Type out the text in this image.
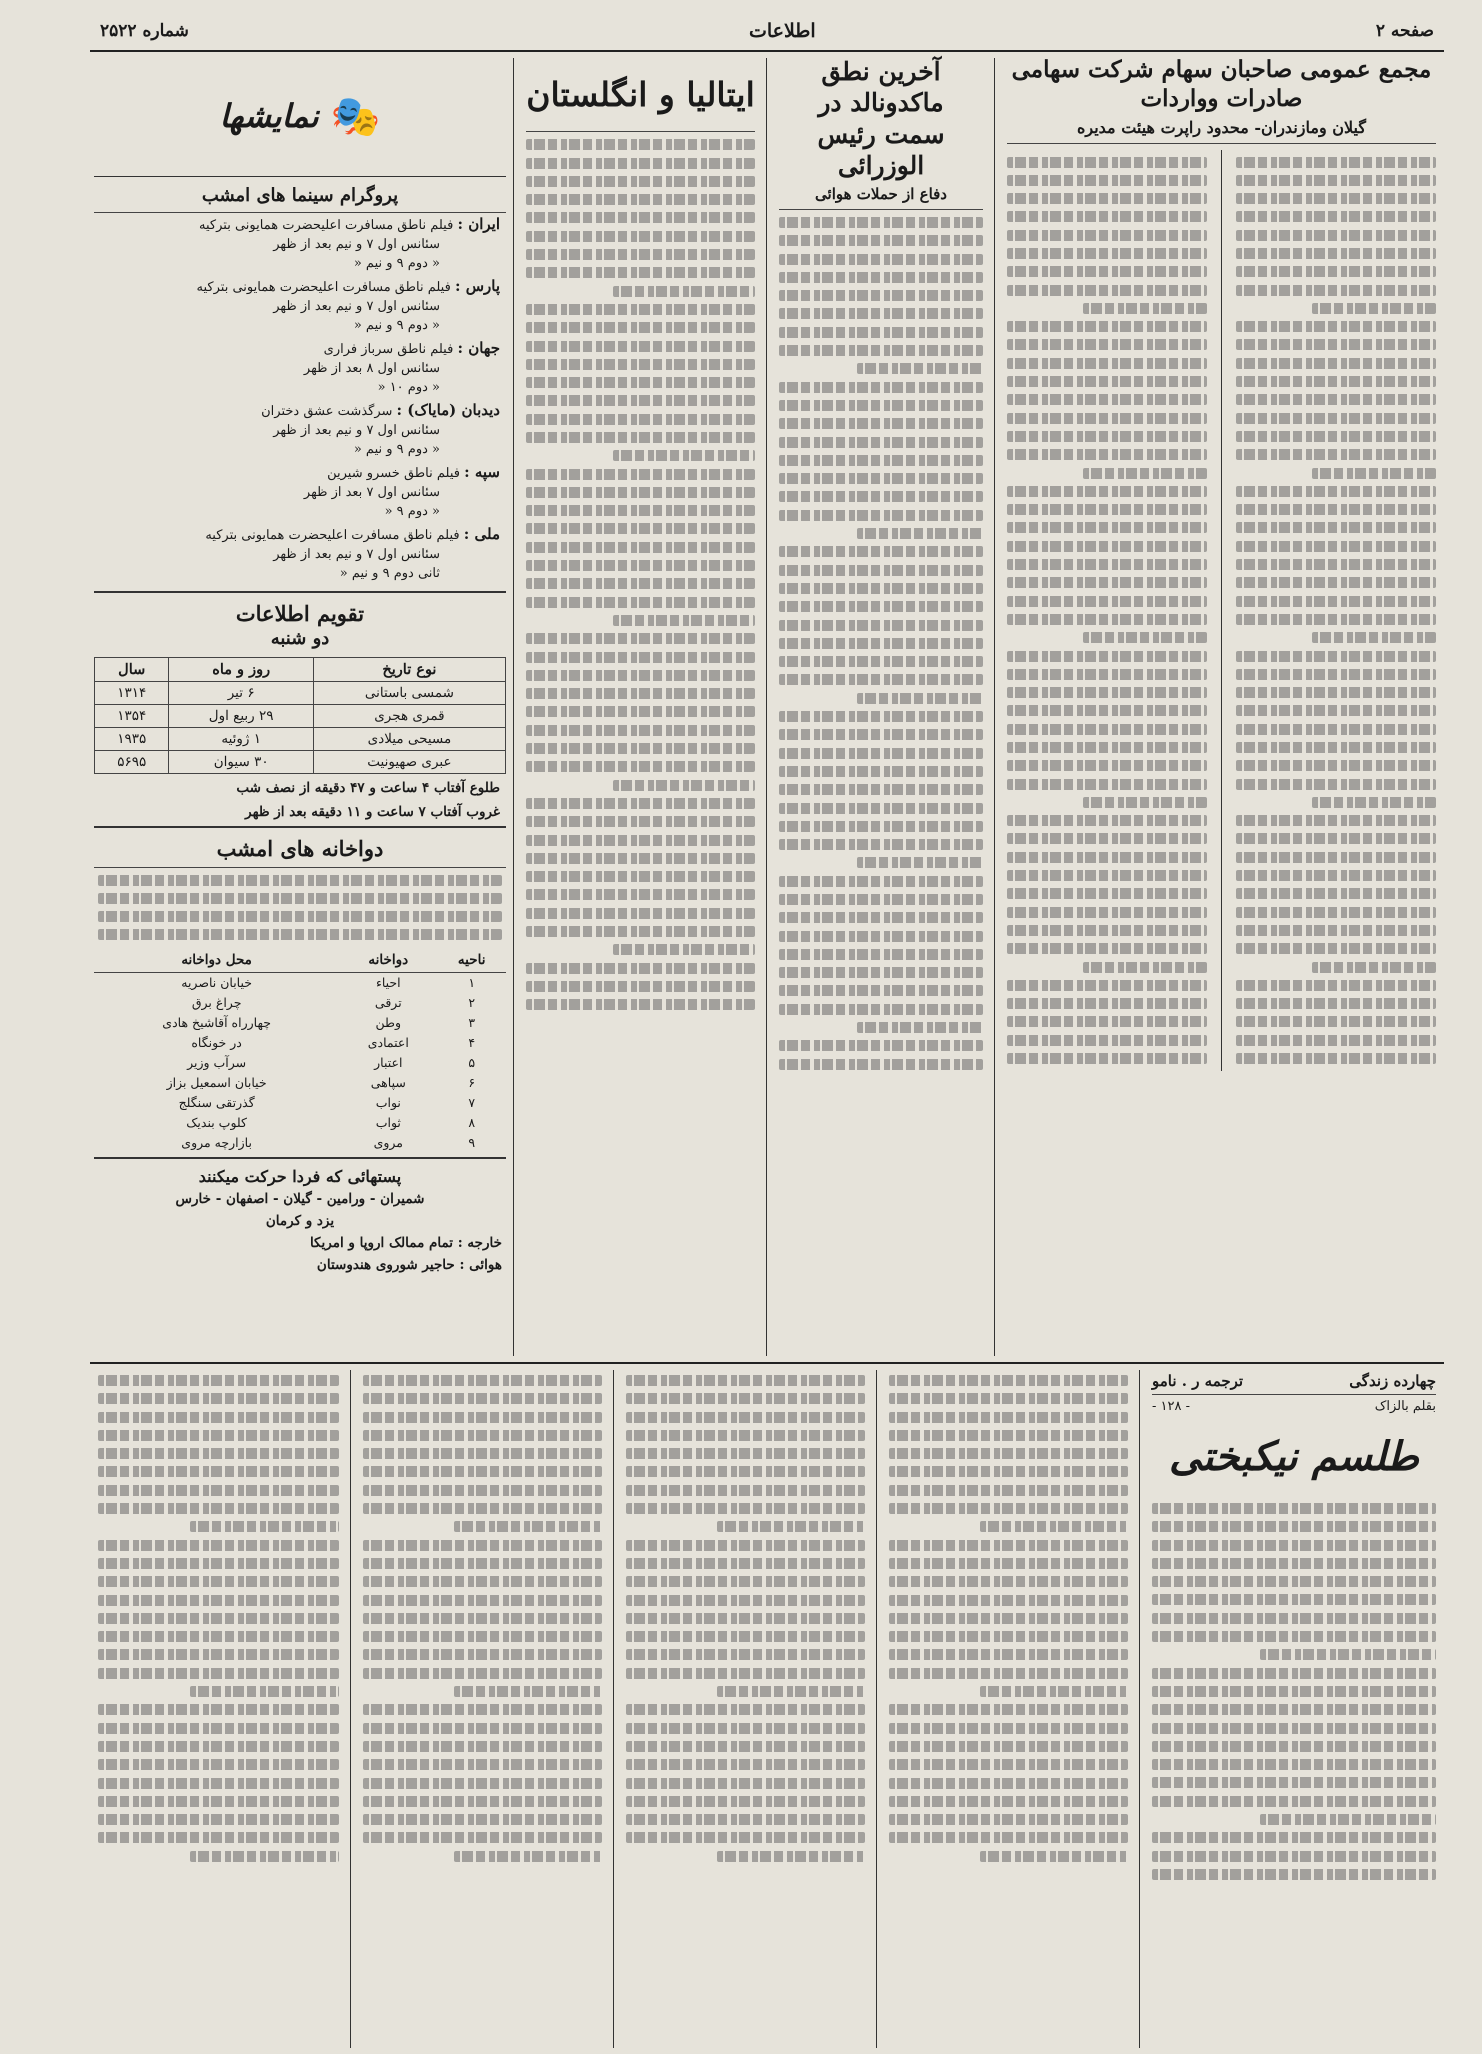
صفحه ۲
اطلاعات
شماره ۲۵۲۲
مجمع عمومی صاحبان سهام شرکت سهامی صادرات وواردات
گیلان ومازندران- محدود راپرت هیئت مدیره
آخرین نطق ماکدونالد در
سمت رئیس الوزرائی
دفاع از حملات هوائی
ایتالیا و انگلستان
🎭
نمایشها
پروگرام سینما های امشب
ایران : فیلم ناطق مسافرت اعلیحضرت همایونی بترکیه
سئانس اول ۷ و نیم بعد از ظهر
« دوم ۹ و نیم «
پارس : فیلم ناطق مسافرت اعلیحضرت همایونی بترکیه
سئانس اول ۷ و نیم بعد از ظهر
« دوم ۹ و نیم «
جهان : فیلم ناطق سرباز فراری
سئانس اول ۸ بعد از ظهر
« دوم ۱۰ «
دیدبان (مایاک) : سرگذشت عشق دختران
سئانس اول ۷ و نیم بعد از ظهر
« دوم ۹ و نیم «
سپه : فیلم ناطق خسرو شیرین
سئانس اول ۷ بعد از ظهر
« دوم ۹ «
ملی : فیلم ناطق مسافرت اعلیحضرت همایونی بترکیه
سئانس اول ۷ و نیم بعد از ظهر
ثانی دوم ۹ و نیم «
تقویم اطلاعات
دو شنبه
نوع تاریخ	روز و ماه	سال
شمسی باستانی	۶ تیر	۱۳۱۴
قمری هجری	۲۹ ربیع اول	۱۳۵۴
مسیحی میلادی	۱ ژوئیه	۱۹۳۵
عبری صهیونیت	۳۰ سیوان	۵۶۹۵
طلوع آفتاب ۴ ساعت و ۴۷ دقیقه از نصف شب
غروب آفتاب ۷ ساعت و ۱۱ دقیقه بعد از ظهر
دواخانه های امشب
ناحیه	دواخانه	محل دواخانه
۱	احیاء	خیابان ناصریه
۲	ترقی	چراغ برق
۳	وطن	چهارراه آقاشیخ هادی
۴	اعتمادی	در خونگاه
۵	اعتبار	سرآب وزیر
۶	سپاهی	خیابان اسمعیل بزاز
۷	نواب	گذرتقی سنگلج
۸	ثواب	کلوپ بندیک
۹	مروی	بازارچه مروی
پستهائی که فردا حرکت میکنند
شمیران - ورامین - گیلان - اصفهان - خارس
یزد و کرمان
خارجه : تمام ممالک اروپا و امریکا
هوائی : حاجیر شوروی هندوستان
چهارده زندگی
ترجمه ر . نامو
بقلم بالزاک
- ۱۲۸ -
طلسم نیکبختی
